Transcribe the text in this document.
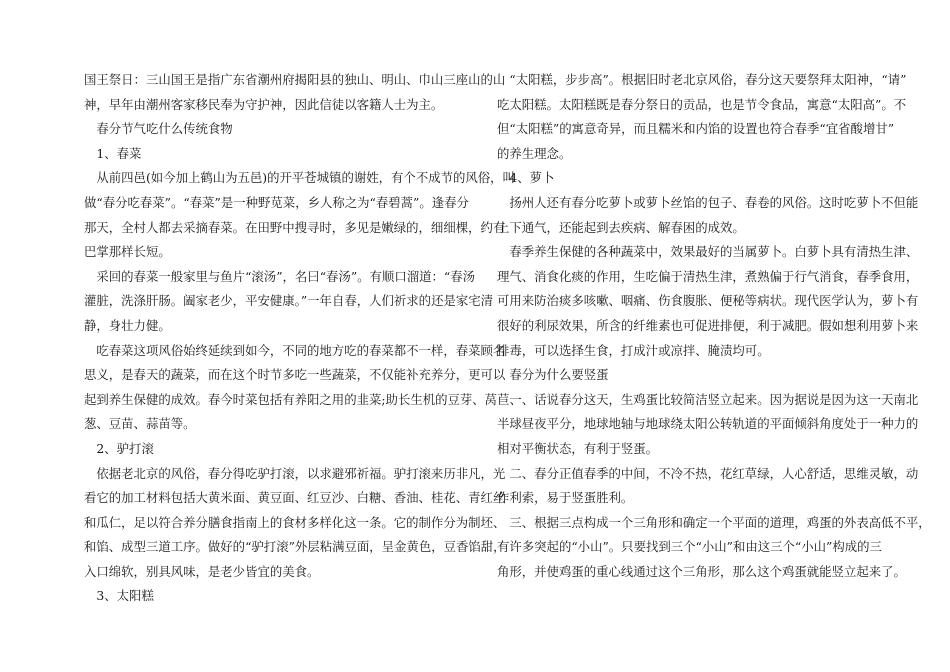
国王祭日：三山国王是指广东省潮州府揭阳县的独山、明山、巾山三座山的山
神，早年由潮州客家移民奉为守护神，因此信徒以客籍人士为主。
春分节气吃什么传统食物
1、春菜
从前四邑(如今加上鹤山为五邑)的开平苍城镇的谢姓，有个不成节的风俗，叫
做“春分吃春菜”。“春菜”是一种野苋菜，乡人称之为“春碧蒿”。逢春分
那天，全村人都去采摘春菜。在田野中搜寻时，多见是嫩绿的，细细棵，约有
巴掌那样长短。
采回的春菜一般家里与鱼片“滚汤”，名曰“春汤”。有顺口溜道：“春汤
灌脏，洗涤肝肠。阖家老少，平安健康。”一年自春，人们祈求的还是家宅清
静，身壮力健。
吃春菜这项风俗始终延续到如今，不同的地方吃的春菜都不一样，春菜顾名
思义，是春天的蔬菜，而在这个时节多吃一些蔬菜，不仅能补充养分，更可以
起到养生保健的成效。春今时菜包括有养阳之用的韭菜;助长生机的豆芽、莴苣、
葱、豆苗、蒜苗等。
2、驴打滚
依据老北京的风俗，春分得吃驴打滚，以求避邪祈福。驴打滚来历非凡，光
看它的加工材料包括大黄米面、黄豆面、红豆沙、白糖、香油、桂花、青红丝
和瓜仁，足以符合养分膳食指南上的食材多样化这一条。它的制作分为制坯、
和馅、成型三道工序。做好的“驴打滚”外层粘满豆面，呈金黄色，豆香馅甜，
入口绵软，别具风味，是老少皆宜的美食。
3、太阳糕
“太阳糕，步步高”。根据旧时老北京风俗，春分这天要祭拜太阳神，“请”
吃太阳糕。太阳糕既是春分祭日的贡品，也是节令食品，寓意“太阳高”。不
但“太阳糕”的寓意奇异，而且糯米和内馅的设置也符合春季“宜省酸增甘”
的养生理念。
4、萝卜
扬州人还有春分吃萝卜或萝卜丝馅的包子、春卷的风俗。这时吃萝卜不但能
上下通气，还能起到去疾病、解春困的成效。
春季养生保健的各种蔬菜中，效果最好的当属萝卜。白萝卜具有清热生津、
理气、消食化痰的作用，生吃偏于清热生津，煮熟偏于行气消食，春季食用，
可用来防治痰多咳嗽、咽痛、伤食腹胀、便秘等病状。现代医学认为，萝卜有
很好的利尿效果，所含的纤维素也可促进排便，利于减肥。假如想利用萝卜来
排毒，可以选择生食，打成汁或凉拌、腌渍均可。
春分为什么要竖蛋
一、话说春分这天，生鸡蛋比较简洁竖立起来。因为据说是因为这一天南北
半球昼夜平分，地球地轴与地球绕太阳公转轨道的平面倾斜角度处于一种力的
相对平衡状态，有利于竖蛋。
二、春分正值春季的中间，不冷不热，花红草绿，人心舒适，思维灵敏，动
作利索，易于竖蛋胜利。
三、根据三点构成一个三角形和确定一个平面的道理，鸡蛋的外表高低不平，
有许多突起的“小山”。只要找到三个“小山”和由这三个“小山”构成的三
角形，并使鸡蛋的重心线通过这个三角形，那么这个鸡蛋就能竖立起来了。
